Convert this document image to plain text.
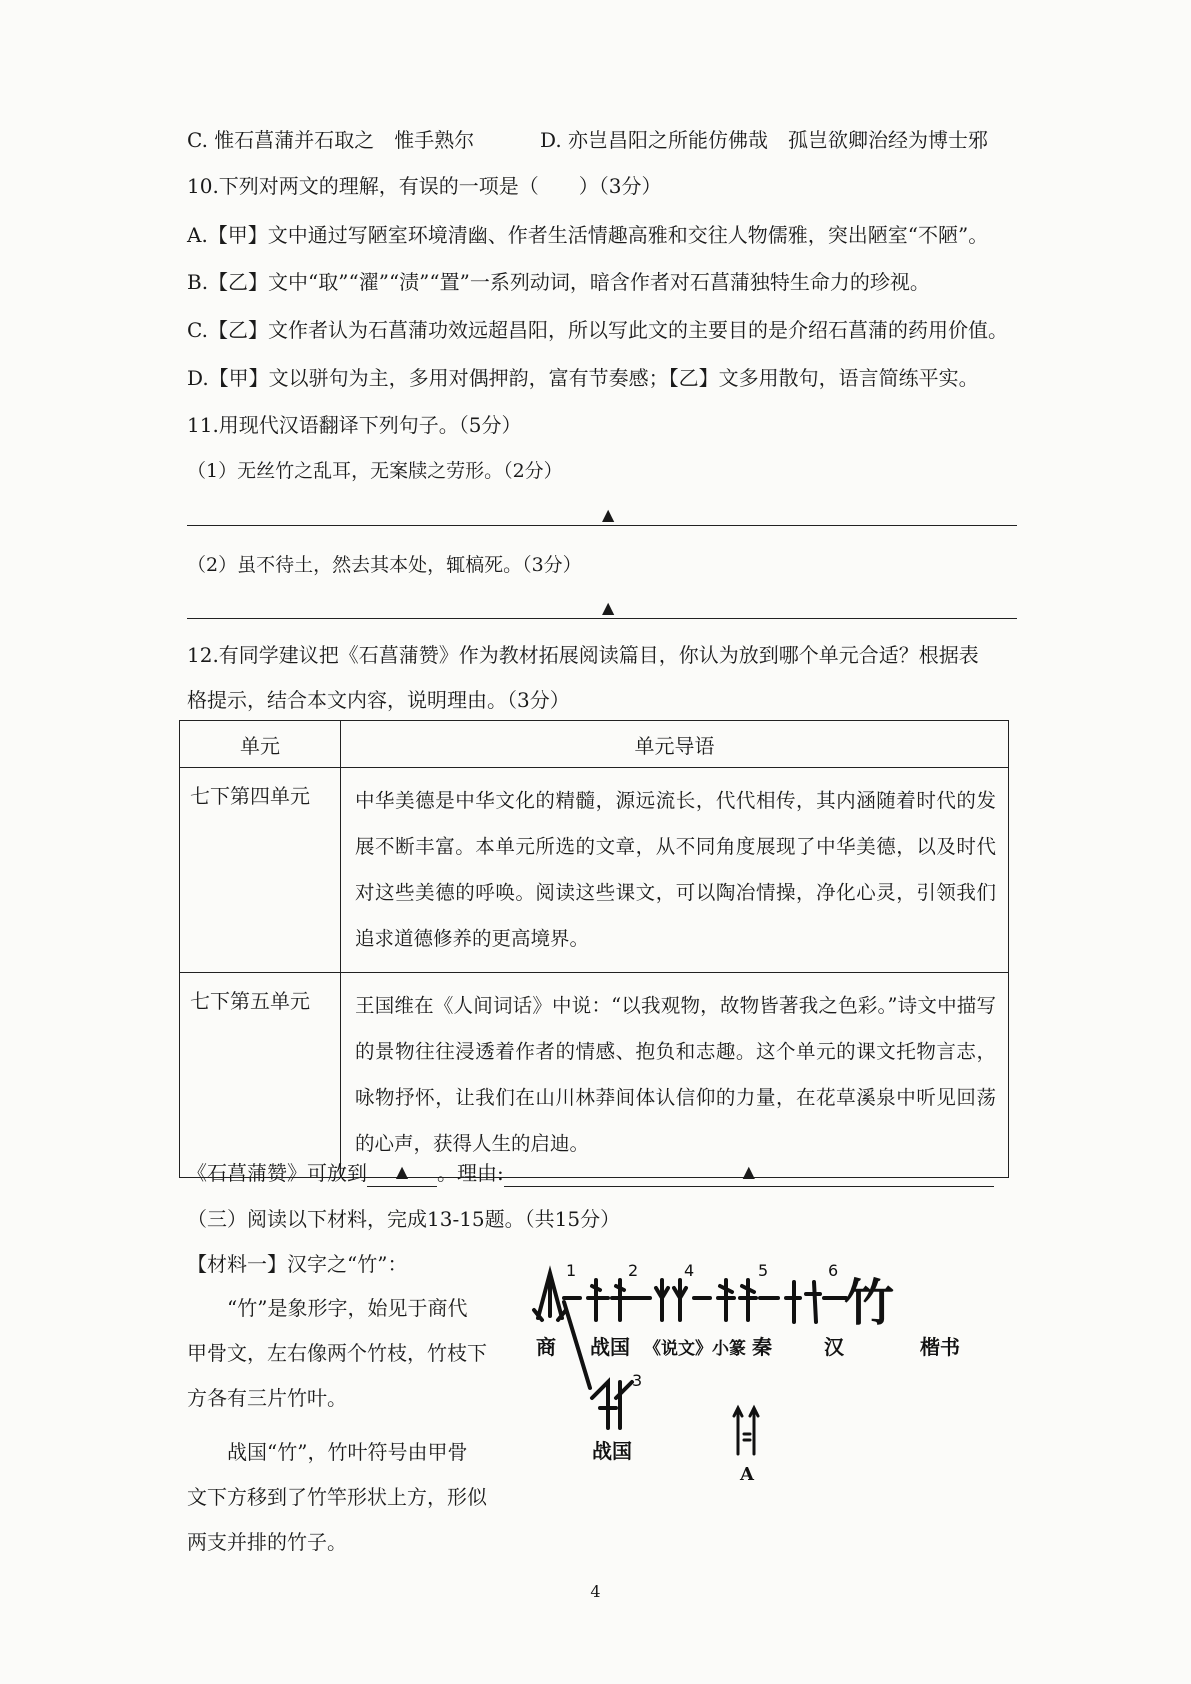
C. 惟石菖蒲并石取之　惟手熟尔	D. 亦岂昌阳之所能仿佛哉　孤岂欲卿治经为博士邪
10.下列对两文的理解，有误的一项是（　　）（3分）
A.【甲】文中通过写陋室环境清幽、作者生活情趣高雅和交往人物儒雅，突出陋室“不陋”。
B.【乙】文中“取”“濯”“渍”“置”一系列动词，暗含作者对石菖蒲独特生命力的珍视。
C.【乙】文作者认为石菖蒲功效远超昌阳，所以写此文的主要目的是介绍石菖蒲的药用价值。
D.【甲】文以骈句为主，多用对偶押韵，富有节奏感；【乙】文多用散句，语言简练平实。
11.用现代汉语翻译下列句子。（5分）
（1）无丝竹之乱耳，无案牍之劳形。（2分）
▲
（2）虽不待土，然去其本处，辄槁死。（3分）
▲
12.有同学建议把《石菖蒲赞》作为教材拓展阅读篇目，你认为放到哪个单元合适？根据表
格提示，结合本文内容，说明理由。（3分）
单元	单元导语
七下第四单元	中华美德是中华文化的精髓，源远流长，代代相传，其内涵随着时代的发展不断丰富。本单元所选的文章，从不同角度展现了中华美德，以及时代对这些美德的呼唤。阅读这些课文，可以陶冶情操，净化心灵，引领我们追求道德修养的更高境界。
七下第五单元	王国维在《人间词话》中说：“以我观物，故物皆著我之色彩。”诗文中描写的景物往往浸透着作者的情感、抱负和志趣。这个单元的课文托物言志，咏物抒怀，让我们在山川林莽间体认信仰的力量，在花草溪泉中听见回荡的心声，获得人生的启迪。
《石菖蒲赞》可放到 ▲ 。理由:	▲
（三）阅读以下材料，完成13-15题。（共15分）
【材料一】汉字之“竹”：
“竹”是象形字，始见于商代甲骨文，左右像两个竹枝，竹枝下方各有三片竹叶。
战国“竹”，竹叶符号由甲骨文下方移到了竹竿形状上方，形似两支并排的竹子。
竹
1	2
3
4	5	6
商 战国 《说文》小篆 秦	汉	楷书
战国
A
4
